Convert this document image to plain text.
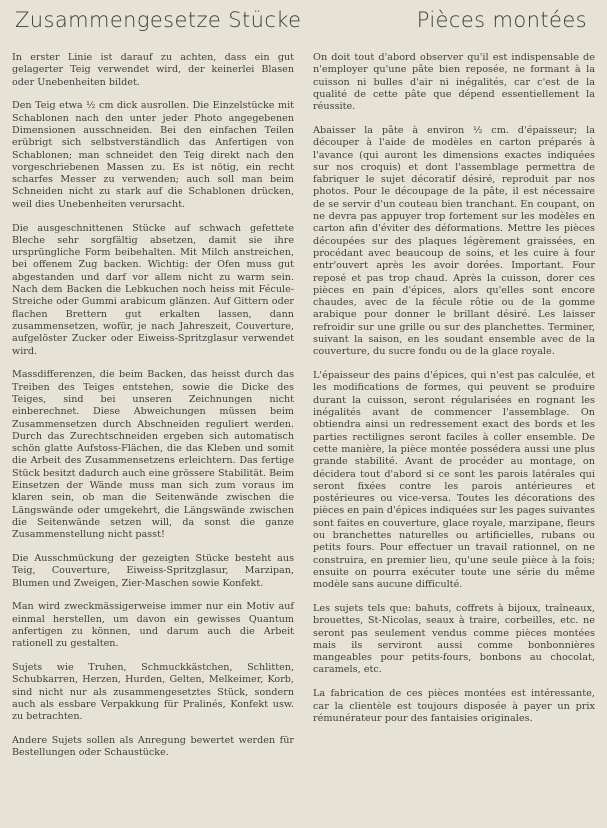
Zusammengesetze Stücke	Pièces montées

In erster Linie ist darauf zu achten, dass ein gut gelagerter Teig verwendet wird, der keinerlei Blasen oder Unebenheiten bildet.

Den Teig etwa ½ cm dick ausrollen. Die Einzelstücke mit Schablonen nach den unter jeder Photo angegebenen Dimensionen ausschneiden. Bei den einfachen Teilen erübrigt sich selbstverständlich das Anfertigen von Schablonen; man schneidet den Teig direkt nach den vorgeschriebenen Massen zu. Es ist nötig, ein recht scharfes Messer zu verwenden; auch soll man beim Schneiden nicht zu stark auf die Schablonen drücken, weil dies Unebenheiten verursacht.

Die ausgeschnittenen Stücke auf schwach gefettete Bleche sehr sorgfältig absetzen, damit sie ihre ursprüngliche Form beibehalten. Mit Milch anstreichen, bei offenem Zug backen. Wichtig: der Ofen muss gut abgestanden und darf vor allem nicht zu warm sein. Nach dem Backen die Lebkuchen noch heiss mit Fécule-Streiche oder Gummi arabicum glänzen. Auf Gittern oder flachen Brettern gut erkalten lassen, dann zusammensetzen, wofür, je nach Jahreszeit, Couverture, aufgelöster Zucker oder Eiweiss-Spritzglasur verwendet wird.

Massdifferenzen, die beim Backen, das heisst durch das Treiben des Teiges entstehen, sowie die Dicke des Teiges, sind bei unseren Zeichnungen nicht einberechnet. Diese Abweichungen müssen beim Zusammensetzen durch Abschneiden reguliert werden. Durch das Zurechtschneiden ergeben sich automatisch schön glatte Aufstoss-Flächen, die das Kleben und somit die Arbeit des Zusammensetzens erleichtern. Das fertige Stück besitzt dadurch auch eine grössere Stabilität. Beim Einsetzen der Wände muss man sich zum voraus im klaren sein, ob man die Seitenwände zwischen die Längswände oder umgekehrt, die Längswände zwischen die Seitenwände setzen will, da sonst die ganze Zusammenstellung nicht passt!

Die Ausschmückung der gezeigten Stücke besteht aus Teig, Couverture, Eiweiss-Spritzglasur, Marzipan, Blumen und Zweigen, Zier-Maschen sowie Konfekt.

Man wird zweckmässigerweise immer nur ein Motiv auf einmal herstellen, um davon ein gewisses Quantum anfertigen zu können, und darum auch die Arbeit rationell zu gestalten.

Sujets wie Truhen, Schmuckkästchen, Schlitten, Schubkarren, Herzen, Hurden, Gelten, Melkeimer, Korb, sind nicht nur als zusammengesetztes Stück, sondern auch als essbare Verpakkung für Pralinés, Konfekt usw. zu betrachten.

Andere Sujets sollen als Anregung bewertet werden für Bestellungen oder Schaustücke.

On doit tout d'abord observer qu'il est indispensable de n'employer qu'une pâte bien reposée, ne formant à la cuisson ni bulles d'air ni inégalités, car c'est de la qualité de cette pâte que dépend essentiellement la réussite.

Abaisser la pâte à environ ½ cm. d'épaisseur; la découper à l'aide de modèles en carton préparés à l'avance (qui auront les dimensions exactes indiquées sur nos croquis) et dont l'assemblage permettra de fabriquer le sujet décoratif désiré, reproduit par nos photos. Pour le découpage de la pâte, il est nécessaire de se servir d'un couteau bien tranchant. En coupant, on ne devra pas appuyer trop fortement sur les modèles en carton afin d'éviter des déformations. Mettre les pièces découpées sur des plaques légèrement graissées, en procédant avec beaucoup de soins, et les cuire à four entr'ouvert après les avoir dorées. Important. Four reposé et pas trop chaud. Après la cuisson, dorer ces pièces en pain d'épices, alors qu'elles sont encore chaudes, avec de la fécule rôtie ou de la gomme arabique pour donner le brillant désiré. Les laisser refroidir sur une grille ou sur des planchettes. Terminer, suivant la saison, en les soudant ensemble avec de la couverture, du sucre fondu ou de la glace royale.

L'épaisseur des pains d'épices, qui n'est pas calculée, et les modifications de formes, qui peuvent se produire durant la cuisson, seront régularisées en rognant les inégalités avant de commencer l'assemblage. On obtiendra ainsi un redressement exact des bords et les parties rectilignes seront faciles à coller ensemble. De cette manière, la pièce montée possédera aussi une plus grande stabilité. Avant de procéder au montage, on décidera tout d'abord si ce sont les parois latérales qui seront fixées contre les parois antérieures et postérieures ou vice-versa. Toutes les décorations des pièces en pain d'épices indiquées sur les pages suivantes sont faites en couverture, glace royale, marzipane, fleurs ou branchettes naturelles ou artificielles, rubans ou petits fours. Pour effectuer un travail rationnel, on ne construira, en premier lieu, qu'une seule pièce à la fois; ensuite on pourra exécuter toute une série du même modèle sans aucune difficulté.

Les sujets tels que: bahuts, coffrets à bijoux, traîneaux, brouettes, St-Nicolas, seaux à traire, corbeilles, etc. ne seront pas seulement vendus comme pièces montées mais ils serviront aussi comme bonbonnières mangeables pour petits-fours, bonbons au chocolat, caramels, etc.

La fabrication de ces pièces montées est intéressante, car la clientèle est toujours disposée à payer un prix rémunérateur pour des fantaisies originales.
